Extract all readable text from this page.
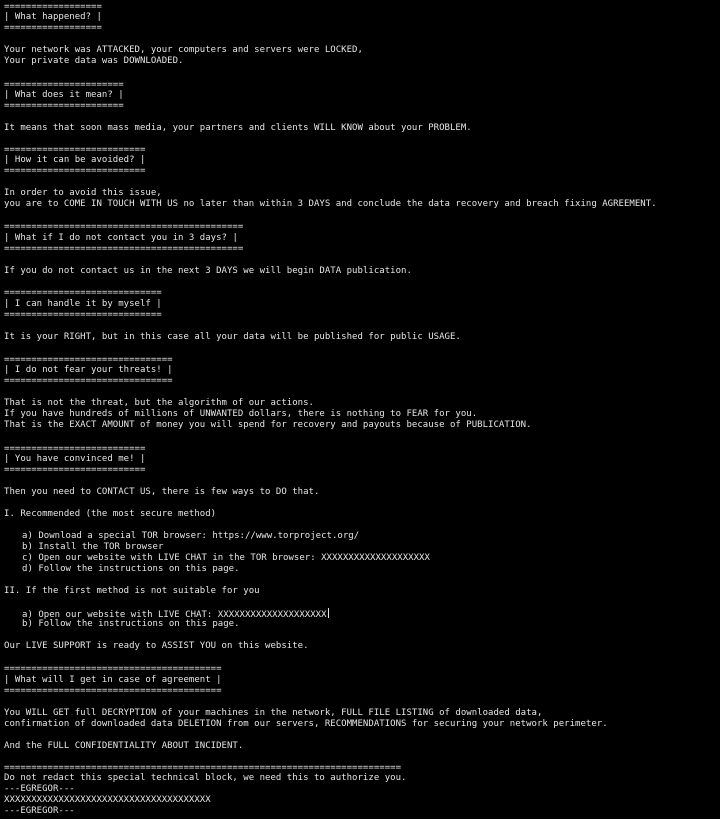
==================
| What happened? |
==================
Your network was ATTACKED, your computers and servers were LOCKED,
Your private data was DOWNLOADED.
======================
| What does it mean? |
======================
It means that soon mass media, your partners and clients WILL KNOW about your PROBLEM.
==========================
| How it can be avoided? |
==========================
In order to avoid this issue,
you are to COME IN TOUCH WITH US no later than within 3 DAYS and conclude the data recovery and breach fixing AGREEMENT.
============================================
| What if I do not contact you in 3 days? |
============================================
If you do not contact us in the next 3 DAYS we will begin DATA publication.
=============================
| I can handle it by myself |
=============================
It is your RIGHT, but in this case all your data will be published for public USAGE.
===============================
| I do not fear your threats! |
===============================
That is not the threat, but the algorithm of our actions.
If you have hundreds of millions of UNWANTED dollars, there is nothing to FEAR for you.
That is the EXACT AMOUNT of money you will spend for recovery and payouts because of PUBLICATION.
==========================
| You have convinced me! |
==========================
Then you need to CONTACT US, there is few ways to DO that.
I. Recommended (the most secure method)
a) Download a special TOR browser: https://www.torproject.org/
b) Install the TOR browser
c) Open our website with LIVE CHAT in the TOR browser: XXXXXXXXXXXXXXXXXXXX
d) Follow the instructions on this page.
II. If the first method is not suitable for you
a) Open our website with LIVE CHAT: XXXXXXXXXXXXXXXXXXXX
b) Follow the instructions on this page.
Our LIVE SUPPORT is ready to ASSIST YOU on this website.
========================================
| What will I get in case of agreement |
========================================
You WILL GET full DECRYPTION of your machines in the network, FULL FILE LISTING of downloaded data,
confirmation of downloaded data DELETION from our servers, RECOMMENDATIONS for securing your network perimeter.
And the FULL CONFIDENTIALITY ABOUT INCIDENT.
=========================================================================
Do not redact this special technical block, we need this to authorize you.
---EGREGOR---
XXXXXXXXXXXXXXXXXXXXXXXXXXXXXXXXXXXXXX
---EGREGOR---
